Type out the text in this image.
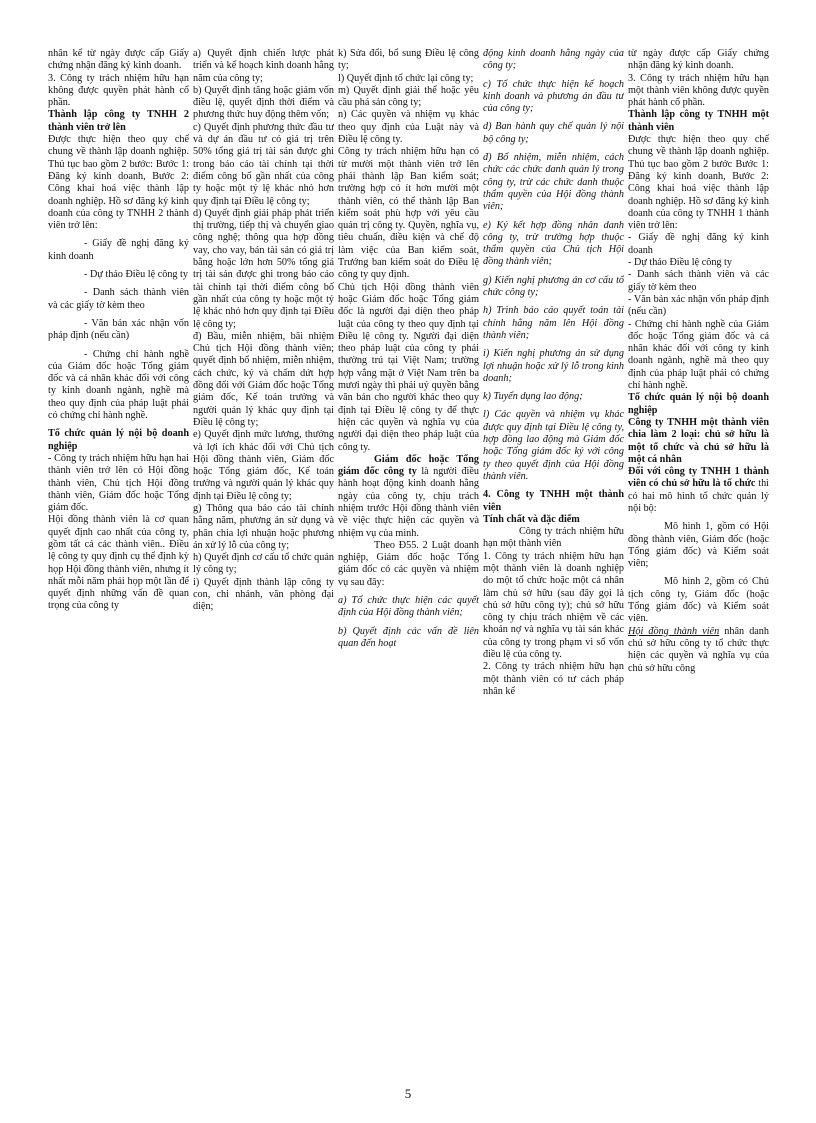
nhân kể từ ngày được cấp Giấy chứng nhận đăng ký kinh doanh.

3. Công ty trách nhiệm hữu hạn không được quyền phát hành cổ phần.

Thành lập công ty TNHH 2 thành viên trở lên

Được thực hiện theo quy chế chung về thành lập doanh nghiệp. Thủ tục bao gồm 2 bước: Bước 1: Đăng ký kinh doanh, Bước 2: Công khai hoá việc thành lập doanh nghiệp. Hồ sơ đăng ký kinh doanh của công ty TNHH 2 thành viên trở lên:

- Giấy đề nghị đăng ký kinh doanh

- Dự thảo Điều lệ công ty

- Danh sách thành viên và các giấy tờ kèm theo

- Văn bản xác nhận vốn pháp định (nếu cần)

- Chứng chỉ hành nghề của Giám đốc hoặc Tổng giám đốc và cá nhân khác đối với công ty kinh doanh ngành, nghề mà theo quy định của pháp luật phải có chứng chỉ hành nghề.

Tổ chức quản lý nội bộ doanh nghiệp

- Công ty trách nhiệm hữu hạn hai thành viên trở lên có Hội đồng thành viên, Chủ tịch Hội đồng thành viên, Giám đốc hoặc Tổng giám đốc.

Hội đồng thành viên là cơ quan quyết định cao nhất của công ty, gồm tất cả các thành viên.. Điều lệ công ty quy định cụ thể định kỳ họp Hội đồng thành viên, nhưng ít nhất mỗi năm phải họp một lần để quyết định những vấn đề quan trọng của công ty

a) Quyết định chiến lược phát triển và kế hoạch kinh doanh hằng năm của công ty;

b) Quyết định tăng hoặc giảm vốn điều lệ, quyết định thời điểm và phương thức huy động thêm vốn;

c) Quyết định phương thức đầu tư và dự án đầu tư có giá trị trên 50% tổng giá trị tài sản được ghi trong báo cáo tài chính tại thời điểm công bố gần nhất của công ty hoặc một tỷ lệ khác nhỏ hơn quy định tại Điều lệ công ty;

d) Quyết định giải pháp phát triển thị trường, tiếp thị và chuyển giao công nghệ; thông qua hợp đồng vay, cho vay, bán tài sản có giá trị bằng hoặc lớn hơn 50% tổng giá trị tài sản được ghi trong báo cáo tài chính tại thời điểm công bố gần nhất của công ty hoặc một tỷ lệ khác nhỏ hơn quy định tại Điều lệ công ty;

đ) Bầu, miễn nhiệm, bãi nhiệm Chủ tịch Hội đồng thành viên; quyết định bổ nhiệm, miễn nhiệm, cách chức, ký và chấm dứt hợp đồng đối với Giám đốc hoặc Tổng giám đốc, Kế toán trưởng và người quản lý khác quy định tại Điều lệ công ty;

e) Quyết định mức lương, thưởng và lợi ích khác đối với Chủ tịch Hội đồng thành viên, Giám đốc hoặc Tổng giám đốc, Kế toán trưởng và người quản lý khác quy định tại Điều lệ công ty;

g) Thông qua báo cáo tài chính hằng năm, phương án sử dụng và phân chia lợi nhuận hoặc phương án xử lý lỗ của công ty;

h) Quyết định cơ cấu tổ chức quản lý công ty;

i) Quyết định thành lập công ty con, chi nhánh, văn phòng đại diện;

k) Sửa đổi, bổ sung Điều lệ công ty;

l) Quyết định tổ chức lại công ty;

m) Quyết định giải thể hoặc yêu cầu phá sản công ty;

n) Các quyền và nhiệm vụ khác theo quy định của Luật này và Điều lệ công ty.

Công ty trách nhiệm hữu hạn có từ mười một thành viên trở lên phải thành lập Ban kiểm soát; trường hợp có ít hơn mười một thành viên, có thể thành lập Ban kiểm soát phù hợp với yêu cầu quản trị công ty. Quyền, nghĩa vụ, tiêu chuẩn, điều kiện và chế độ làm việc của Ban kiểm soát, Trưởng ban kiểm soát do Điều lệ công ty quy định.

Chủ tịch Hội đồng thành viên hoặc Giám đốc hoặc Tổng giám đốc là người đại diện theo pháp luật của công ty theo quy định tại Điều lệ công ty. Người đại diện theo pháp luật của công ty phải thường trú tại Việt Nam; trường hợp vắng mặt ở Việt Nam trên ba mươi ngày thì phải uỷ quyền bằng văn bản cho người khác theo quy định tại Điều lệ công ty để thực hiện các quyền và nghĩa vụ của người đại diện theo pháp luật của công ty.

Giám đốc hoặc Tổng giám đốc công ty là người điều hành hoạt động kinh doanh hằng ngày của công ty, chịu trách nhiệm trước Hội đồng thành viên về việc thực hiện các quyền và nhiệm vụ của mình.

Theo Đ55. 2 Luật doanh nghiệp, Giám đốc hoặc Tổng giám đốc có các quyền và nhiệm vụ sau đây:

a) Tổ chức thực hiện các quyết định của Hội đồng thành viên;

b) Quyết định các vấn đề liên quan đến hoạt

động kinh doanh hằng ngày của công ty;

c) Tổ chức thực hiện kế hoạch kinh doanh và phương án đầu tư của công ty;

d) Ban hành quy chế quản lý nội bộ công ty;

đ) Bổ nhiệm, miễn nhiệm, cách chức các chức danh quản lý trong công ty, trừ các chức danh thuộc thẩm quyền của Hội đồng thành viên;

e) Ký kết hợp đồng nhân danh công ty, trừ trường hợp thuộc thẩm quyền của Chủ tịch Hội đồng thành viên;

g) Kiến nghị phương án cơ cấu tổ chức công ty;

h) Trình báo cáo quyết toán tài chính hằng năm lên Hội đồng thành viên;

i) Kiến nghị phương án sử dụng lợi nhuận hoặc xử lý lỗ trong kinh doanh;

k) Tuyển dụng lao động;

l) Các quyền và nhiệm vụ khác được quy định tại Điều lệ công ty, hợp đồng lao động mà Giám đốc hoặc Tổng giám đốc ký với công ty theo quyết định của Hội đồng thành viên.

4. Công ty TNHH một thành viên

Tính chất và đặc điểm

Công ty trách nhiệm hữu hạn một thành viên

1. Công ty trách nhiệm hữu hạn một thành viên là doanh nghiệp do một tổ chức hoặc một cá nhân làm chủ sở hữu (sau đây gọi là chủ sở hữu công ty); chủ sở hữu công ty chịu trách nhiệm về các khoản nợ và nghĩa vụ tài sản khác của công ty trong phạm vi số vốn điều lệ của công ty.

2. Công ty trách nhiệm hữu hạn một thành viên có tư cách pháp nhân kể

từ ngày được cấp Giấy chứng nhận đăng ký kinh doanh.

3. Công ty trách nhiệm hữu hạn một thành viên không được quyền phát hành cổ phần.

Thành lập công ty TNHH một thành viên

Được thực hiện theo quy chế chung về thành lập doanh nghiệp. Thủ tục bao gồm 2 bước Bước 1: Đăng ký kinh doanh, Bước 2: Công khai hoá việc thành lập doanh nghiệp. Hồ sơ đăng ký kinh doanh của công ty TNHH 1 thành viên trở lên:

- Giấy đề nghị đăng ký kinh doanh

- Dự thảo Điều lệ công ty

- Danh sách thành viên và các giấy tờ kèm theo

- Văn bản xác nhận vốn pháp định (nếu cần)

- Chứng chỉ hành nghề của Giám đốc hoặc Tổng giám đốc và cá nhân khác đối với công ty kinh doanh ngành, nghề mà theo quy định của pháp luật phải có chứng chỉ hành nghề.

Tổ chức quản lý nội bộ doanh nghiệp

Công ty TNHH một thành viên chia làm 2 loại: chủ sở hữu là một tổ chức và chủ sở hữu là một cá nhân

Đối với công ty TNHH 1 thành viên có chủ sở hữu là tổ chức thì có hai mô hình tổ chức quản lý nội bộ:

Mô hình 1, gồm có Hội đồng thành viên, Giám đốc (hoặc Tổng giám đốc) và Kiểm soát viên;

Mô hình 2, gồm có Chủ tịch công ty, Giám đốc (hoặc Tổng giám đốc) và Kiểm soát viên.

Hội đồng thành viên nhân danh chủ sở hữu công ty tổ chức thực hiện các quyền và nghĩa vụ của chủ sở hữu công

5
